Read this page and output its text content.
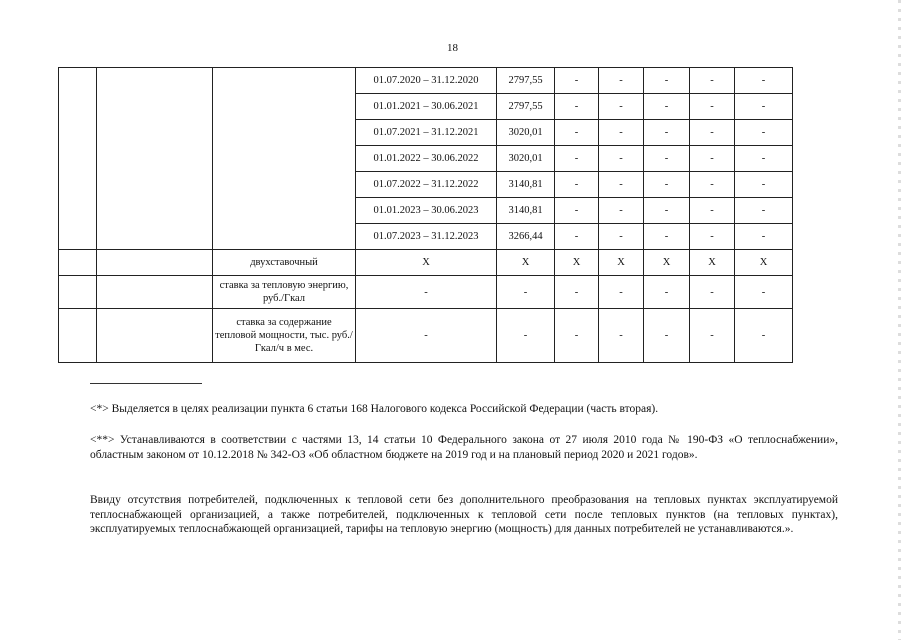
18
			01.07.2020 – 31.12.2020	2797,55	-	-	-	-	-
			01.01.2021 – 30.06.2021	2797,55	-	-	-	-	-
			01.07.2021 – 31.12.2021	3020,01	-	-	-	-	-
			01.01.2022 – 30.06.2022	3020,01	-	-	-	-	-
			01.07.2022 – 31.12.2022	3140,81	-	-	-	-	-
			01.01.2023 – 30.06.2023	3140,81	-	-	-	-	-
			01.07.2023 – 31.12.2023	3266,44	-	-	-	-	-
		двухставочный	X	X	X	X	X	X	X
		ставка за тепловую энергию, руб./Гкал	-	-	-	-	-	-	-
		ставка за содержание тепловой мощности, тыс. руб./Гкал/ч в мес.	-	-	-	-	-	-	-
<*> Выделяется в целях реализации пункта 6 статьи 168 Налогового кодекса Российской Федерации (часть вторая).
<**> Устанавливаются в соответствии с частями 13, 14 статьи 10 Федерального закона от 27 июля 2010 года № 190-ФЗ «О теплоснабжении», областным законом от 10.12.2018 № 342-ОЗ «Об областном бюджете на 2019 год и на плановый период 2020 и 2021 годов».
Ввиду отсутствия потребителей, подключенных к тепловой сети без дополнительного преобразования на тепловых пунктах эксплуатируемой теплоснабжающей организацией, а также потребителей, подключенных к тепловой сети после тепловых пунктов (на тепловых пунктах), эксплуатируемых теплоснабжающей организацией, тарифы на тепловую энергию (мощность) для данных потребителей не устанавливаются.».
